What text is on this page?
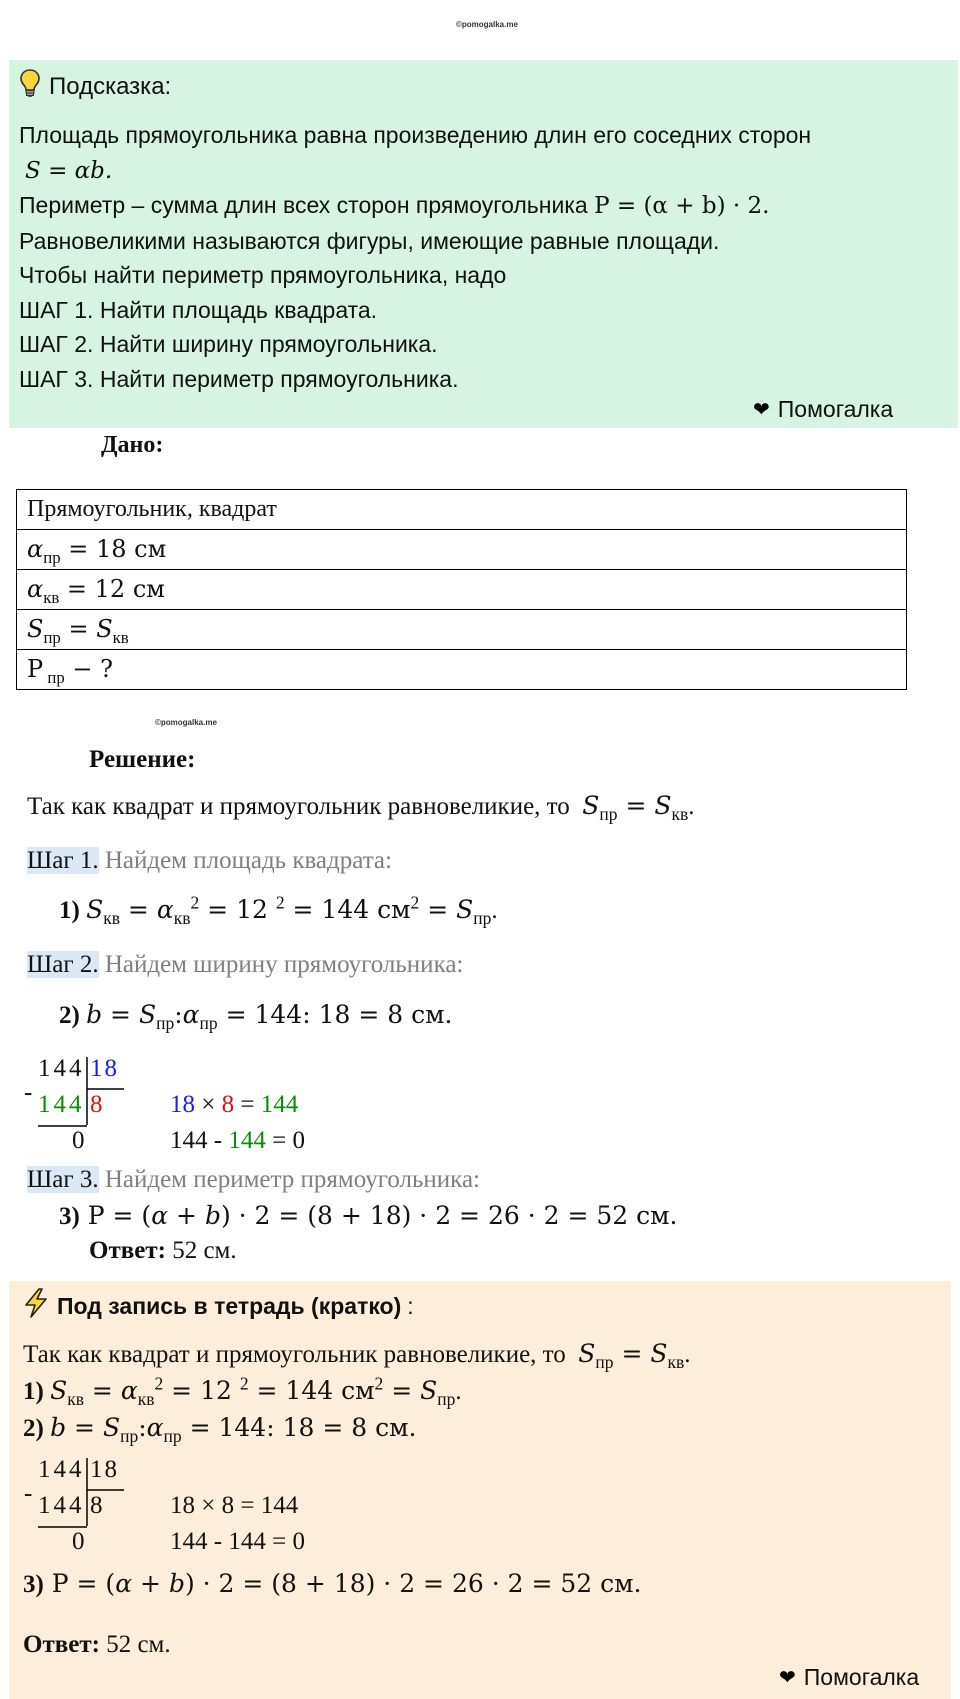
©pomogalka.me
©pomogalka.me
Подсказка:
Площадь прямоугольника равна произведению длин его соседних сторон
S = αb.
Периметр – сумма длин всех сторон прямоугольника Р = (α + b) · 2.
Равновеликими называются фигуры, имеющие равные площади.
Чтобы найти периметр прямоугольника, надо
ШАГ 1. Найти площадь квадрата.
ШАГ 2. Найти ширину прямоугольника.
ШАГ 3. Найти периметр прямоугольника.
❤ Помогалка
Дано:
Прямоугольник, квадрат
$\alpha_{пр} = 18$ см
$\alpha_{кв} = 12$ см
$S_{пр} = S_{кв}$
Р $_{пр}$ − ?
Решение:
Так как квадрат и прямоугольник равновеликие, то $S_{пр} = S_{кв}$.
Шаг 1. Найдем площадь квадрата:
1) $S_{кв} = \alpha_{кв}^2 = 12$ $^2$ = 144 $см^2 = S_{пр}$.
Шаг 2. Найдем ширину прямоугольника:
2) $b = S_{пр}:\alpha_{пр} = 144$: 18 = 8 см.
-
144 18
144 8
0
18 × 8 = 144
144 - 144 = 0
Шаг 3. Найдем периметр прямоугольника:
3) Р = (α + b) · 2 = (8 + 18) · 2 = 26 · 2 = 52 см.
Ответ: 52 см.
Под запись в тетрадь (кратко) :
Так как квадрат и прямоугольник равновеликие, то $S_{пр} = S_{кв}$.
1) $S_{кв} = \alpha_{кв}^2 = 12$ $^2$ = 144 $см^2 = S_{пр}$.
2) $b = S_{пр}:\alpha_{пр} = 144$: 18 = 8 см.
-
144 18
144 8
0
18 × 8 = 144
144 - 144 = 0
3) Р = (α + b) · 2 = (8 + 18) · 2 = 26 · 2 = 52 см.
Ответ: 52 см.
❤ Помогалка
